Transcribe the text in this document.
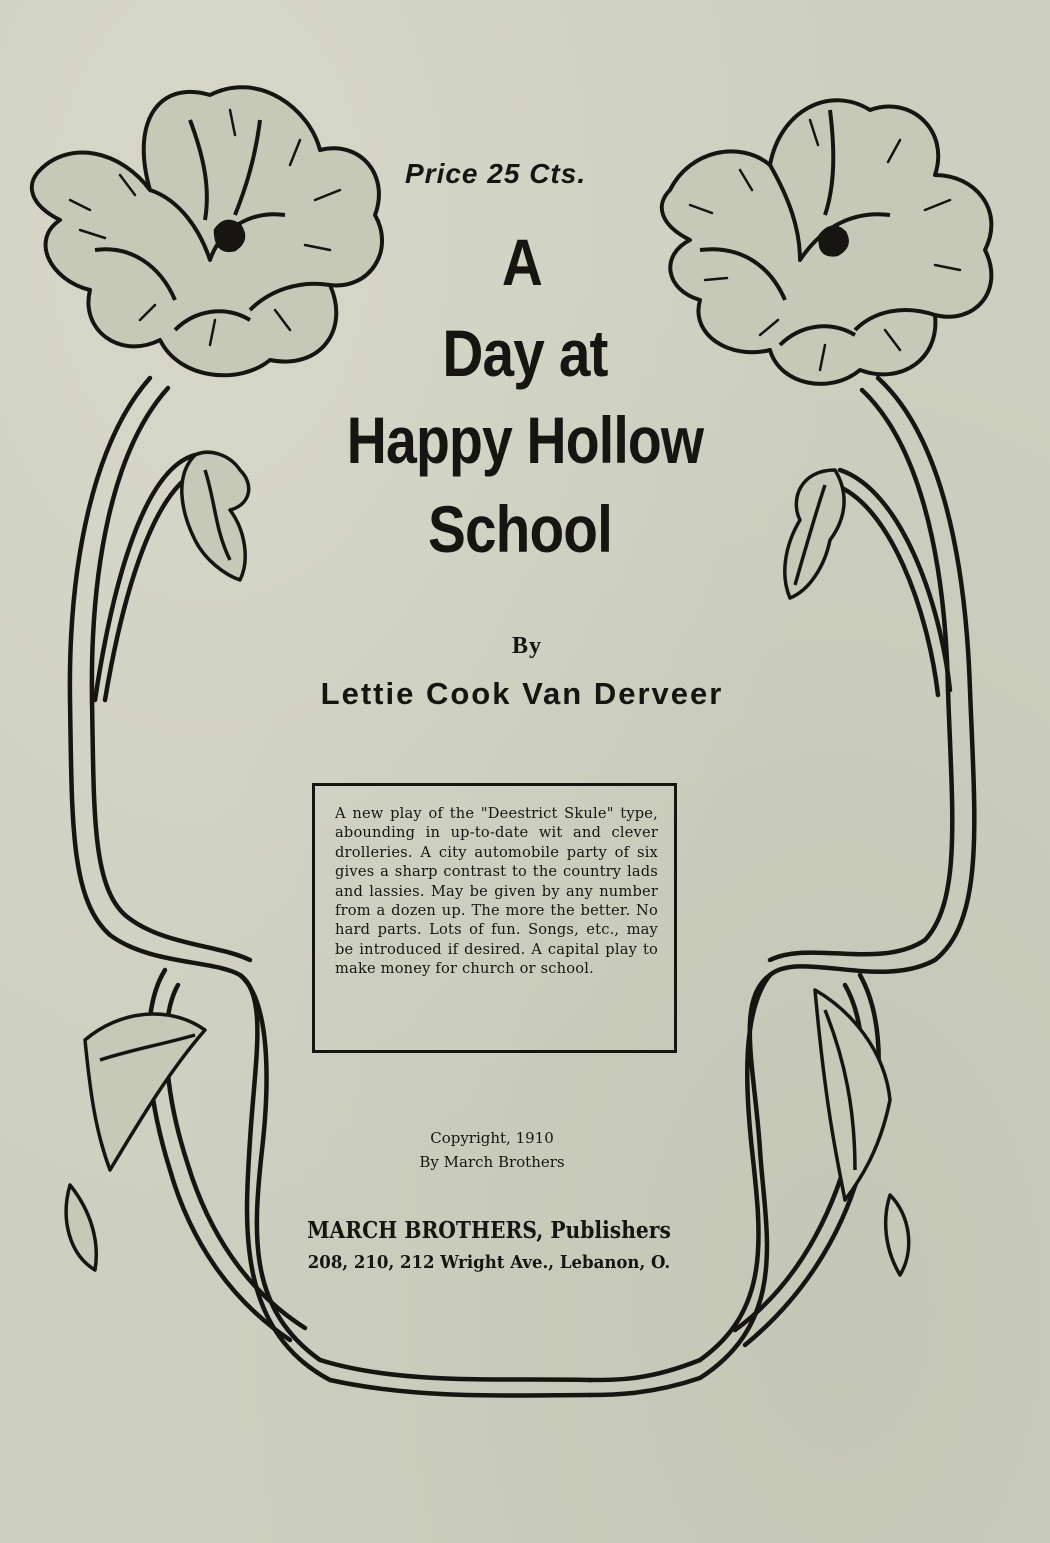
Price 25 Cts.
A
Day at
Happy Hollow
School
By
Lettie Cook Van Derveer

A new play of the "Deestrict Skule" type, abounding in up-to-date wit and clever drolleries. A city automobile party of six gives a sharp contrast to the country lads and lassies. May be given by any number from a dozen up. The more the better. No hard parts. Lots of fun. Songs, etc., may be introduced if desired. A capital play to make money for church or school.

Copyright, 1910
By March Brothers
MARCH BROTHERS, Publishers
208, 210, 212 Wright Ave., Lebanon, O.
